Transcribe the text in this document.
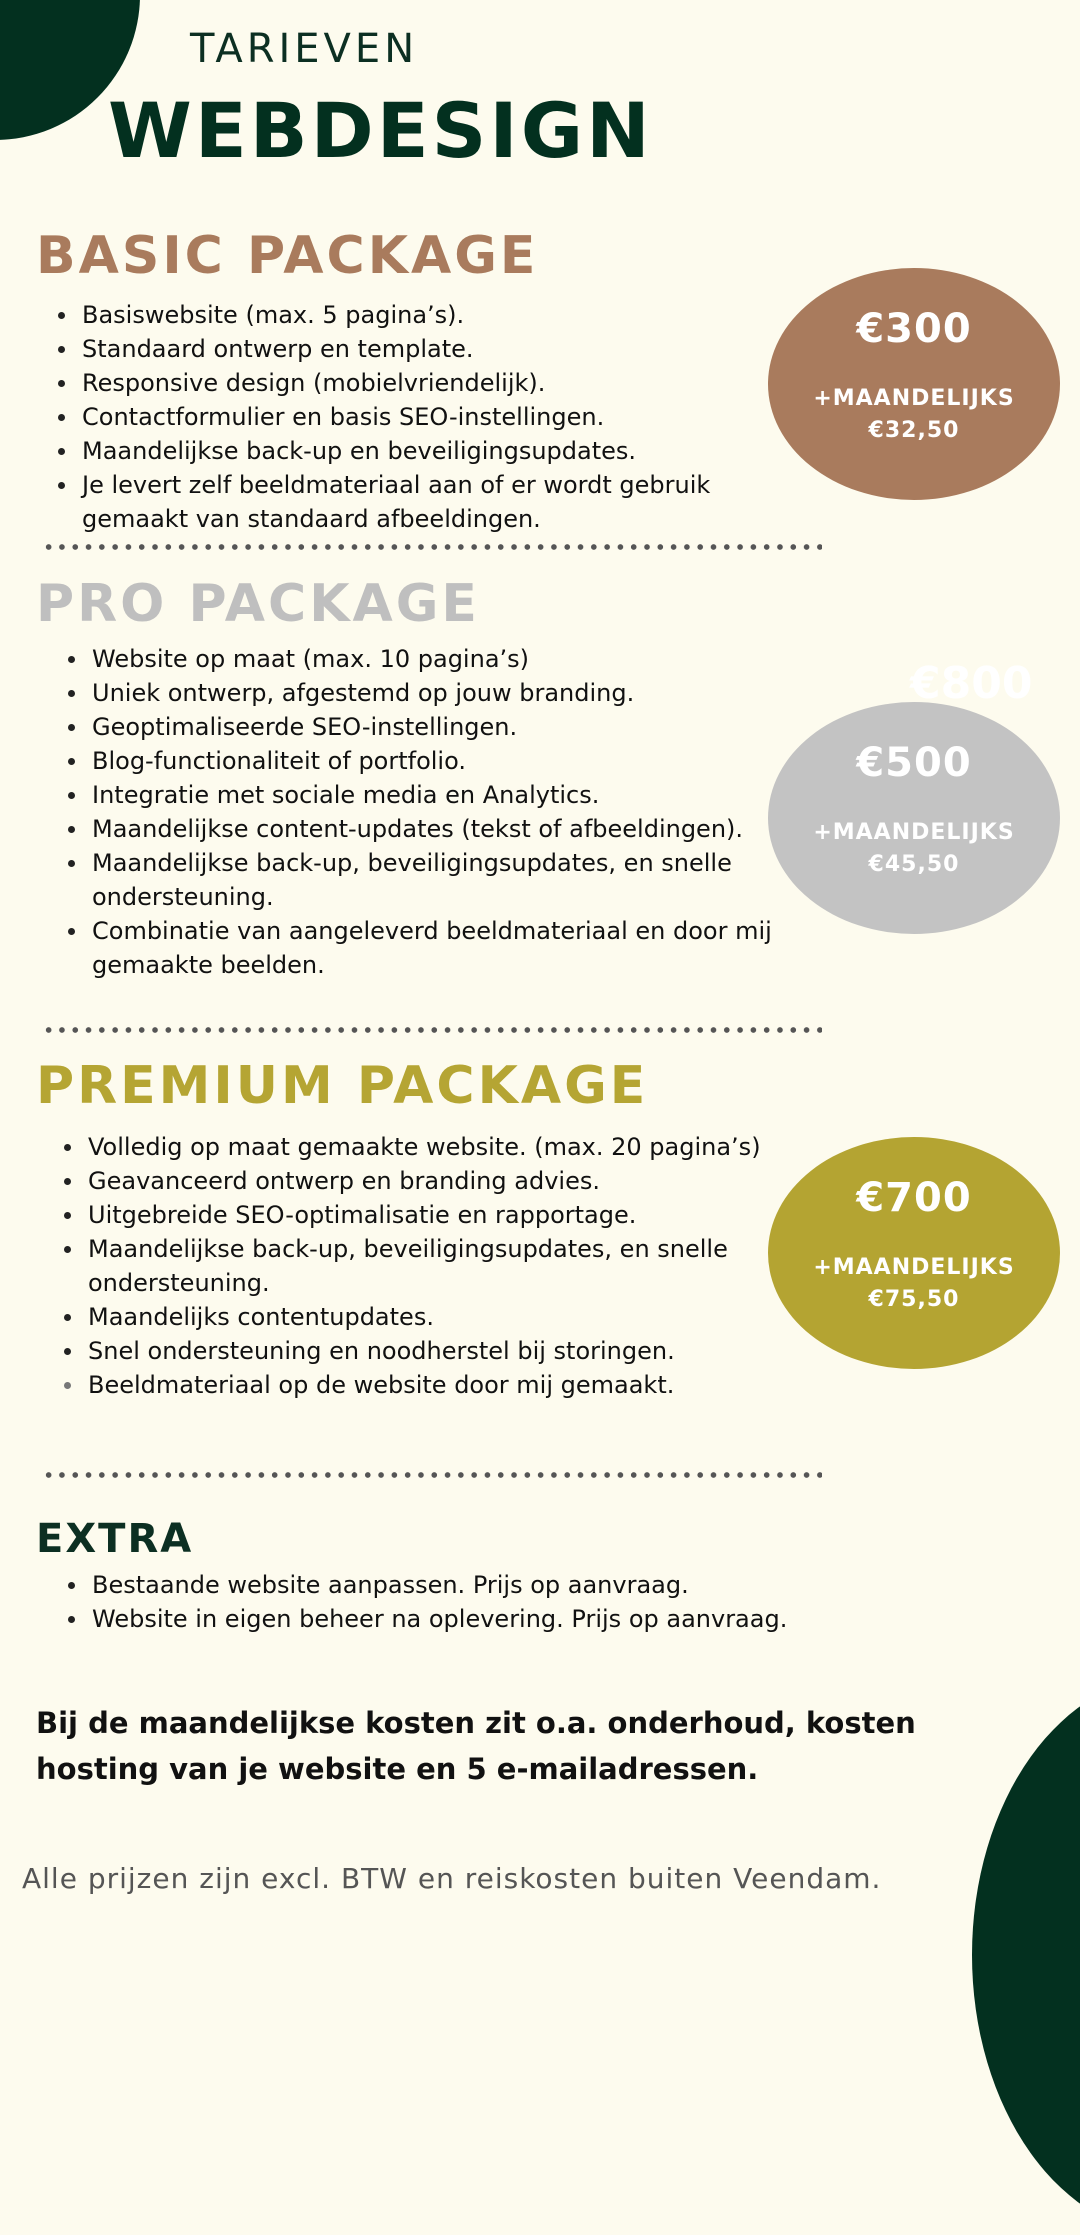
TARIEVEN
WEBDESIGN
BASIC PACKAGE
Basiswebsite (max. 5 pagina’s).
Standaard ontwerp en template.
Responsive design (mobielvriendelijk).
Contactformulier en basis SEO-instellingen.
Maandelijkse back-up en beveiligingsupdates.
Je levert zelf beeldmateriaal aan of er wordt gebruik gemaakt van standaard afbeeldingen.
€300
+MAANDELIJKS
€32,50
PRO PACKAGE
Website op maat (max. 10 pagina’s)
Uniek ontwerp, afgestemd op jouw branding.
Geoptimaliseerde SEO-instellingen.
Blog-functionaliteit of portfolio.
Integratie met sociale media en Analytics.
Maandelijkse content-updates (tekst of afbeeldingen).
Maandelijkse back-up, beveiligingsupdates, en snelle ondersteuning.
Combinatie van aangeleverd beeldmateriaal en door mij gemaakte beelden.
€800
€500
+MAANDELIJKS
€45,50
PREMIUM PACKAGE
Volledig op maat gemaakte website. (max. 20 pagina’s)
Geavanceerd ontwerp en branding advies.
Uitgebreide SEO-optimalisatie en rapportage.
Maandelijkse back-up, beveiligingsupdates, en snelle ondersteuning.
Maandelijks contentupdates.
Snel ondersteuning en noodherstel bij storingen.
Beeldmateriaal op de website door mij gemaakt.
€700
+MAANDELIJKS
€75,50
EXTRA
Bestaande website aanpassen. Prijs op aanvraag.
Website in eigen beheer na oplevering. Prijs op aanvraag.
Bij de maandelijkse kosten zit o.a. onderhoud, kosten hosting van je website en 5 e-mailadressen.
Alle prijzen zijn excl. BTW en reiskosten buiten Veendam.
